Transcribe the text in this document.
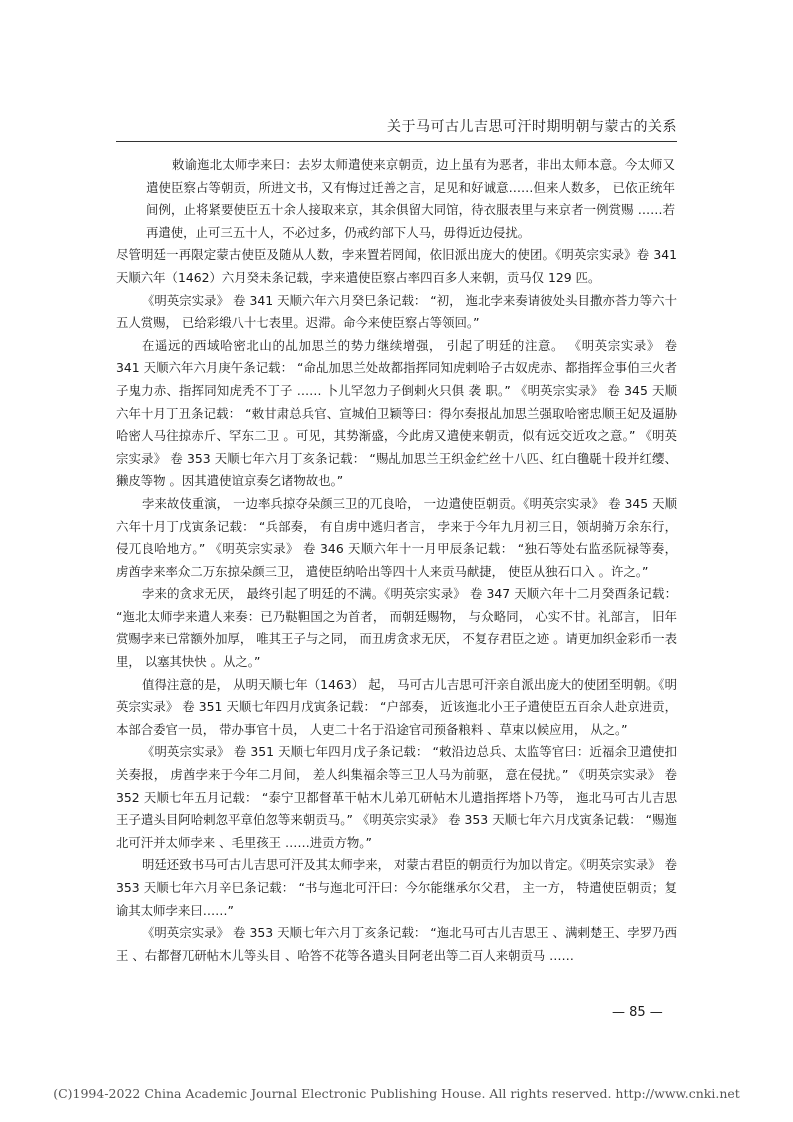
关于马可古儿吉思可汗时期明朝与蒙古的关系

敕谕迤北太师孛来曰：去岁太师遣使来京朝贡，边上虽有为恶者，非出太师本意。今太师又遣使臣察占等朝贡，所进文书，又有悔过迁善之言，足见和好诚意……但来人数多， 已依正统年间例，止将紧要使臣五十余人接取来京，其余俱留大同馆，待衣服表里与来京者一例赏赐 ……若再遣使，止可三五十人，不必过多，仍戒约部下人马，毋得近边侵扰。

尽管明廷一再限定蒙古使臣及随从人数，孛来置若罔闻，依旧派出庞大的使团。《明英宗实录》卷 341 天顺六年（1462）六月癸未条记载，孛来遣使臣察占率四百多人来朝，贡马仅 129 匹。

《明英宗实录》 卷 341 天顺六年六月癸巳条记载： “初， 迤北孛来奏请彼处头目撒亦荅力等六十五人赏赐， 已给彩缎八十七表里。迟滞。命今来使臣察占等领回。”

在遥远的西域哈密北山的乩加思兰的势力继续增强， 引起了明廷的注意。 《明英宗实录》 卷 341 天顺六年六月庚午条记载： “命乩加思兰处故都指挥同知虎剌哈子古奴虎赤、都指挥佥事伯三火者子鬼力赤、指挥同知虎秃不丁子 …… 卜儿罕忽力子倒剌火只俱 袭 职。” 《明英宗实录》 卷 345 天顺六年十月丁丑条记载： “敕甘肃总兵官、宣城伯卫颖等曰：得尔奏报乩加思兰强取哈密忠顺王妃及逼胁哈密人马往掠赤斤、罕东二卫 。可见，其势渐盛，今此虏又遣使来朝贡，似有远交近攻之意。” 《明英宗实录》 卷 353 天顺七年六月丁亥条记载： “赐乩加思兰王织金纻丝十八匹、红白氇毼十段并红缨、獭皮等物 。因其遣使谊京奏乞诸物故也。”

孛来故伎重演， 一边率兵掠夺朵颜三卫的兀良哈， 一边遣使臣朝贡。《明英宗实录》 卷 345 天顺六年十月丁戊寅条记载： “兵部奏， 有自虏中逃归者言， 孛来于今年九月初三日，领胡骑万余东行， 侵兀良哈地方。” 《明英宗实录》 卷 346 天顺六年十一月甲辰条记载： “独石等处右监丞阮禄等奏， 虏酋孛来率众二万东掠朵颜三卫， 遣使臣纳哈出等四十人来贡马献捷， 使臣从独石口入 。许之。”

孛来的贪求无厌， 最终引起了明廷的不满。《明英宗实录》 卷 347 天顺六年十二月癸酉条记载： “迤北太师孛来遣人来奏：已乃鞑靼国之为首者， 而朝廷赐物， 与众略同， 心实不甘。礼部言， 旧年赏赐孛来已常额外加厚， 唯其王子与之同， 而丑虏贪求无厌， 不复存君臣之迹 。请更加织金彩币一表里， 以塞其快快 。从之。”

值得注意的是， 从明天顺七年（1463） 起， 马可古儿吉思可汗亲自派出庞大的使团至明朝。《明英宗实录》 卷 351 天顺七年四月戊寅条记载： “户部奏， 近该迤北小王子遣使臣五百余人赴京进贡， 本部合委官一员， 带办事官十员， 人吏二十名于沿途官司预备粮料 、草束以候应用， 从之。”

《明英宗实录》 卷 351 天顺七年四月戊子条记载： “敕沿边总兵、太监等官曰：近福余卫遣使扣关奏报， 虏酋孛来于今年二月间， 差人纠集福余等三卫人马为前驱， 意在侵扰。” 《明英宗实录》 卷 352 天顺七年五月记载： “泰宁卫都督革干帖木儿弟兀研帖木儿遣指挥塔卜乃等， 迤北马可古儿吉思王子遣头目阿哈剌忽平章伯忽等来朝贡马。” 《明英宗实录》 卷 353 天顺七年六月戊寅条记载： “赐迤北可汗并太师孛来 、毛里孩王 ……进贡方物。”

明廷还致书马可古儿吉思可汗及其太师孛来， 对蒙古君臣的朝贡行为加以肯定。《明英宗实录》 卷 353 天顺七年六月辛巳条记载： “书与迤北可汗曰：今尔能继承尔父君， 主一方， 特遣使臣朝贡；复谕其太师孛来曰……”

《明英宗实录》 卷 353 天顺七年六月丁亥条记载： “迤北马可古儿吉思王 、满剌楚王、孛罗乃西王 、右都督兀研帖木儿等头目 、哈答不花等各遣头目阿老出等二百人来朝贡马 ……

— 85 —
(C)1994-2022 China Academic Journal Electronic Publishing House. All rights reserved. http://www.cnki.net
